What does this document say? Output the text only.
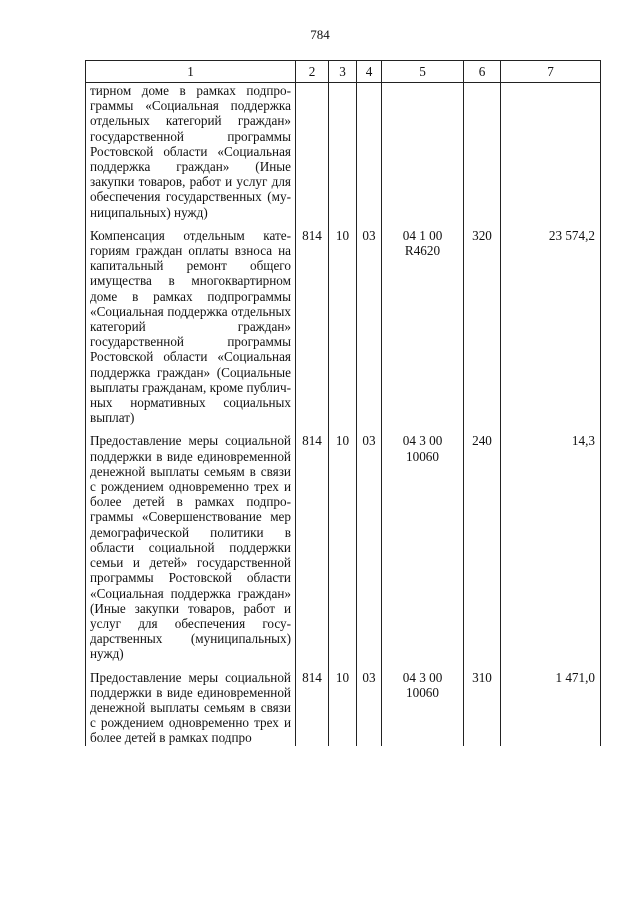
784
1	2	3	4	5	6	7
тирном доме в рамках подпрограммы «Социальная поддержка отдельных категорий граждан» государственной программы Ростовской области «Социальная поддержка граждан» (Иные закупки товаров, работ и услуг для обеспечения государственных (муниципальных) нужд)						
Компенсация отдельным категориям граждан оплаты взноса на капитальный ремонт общего имущества в многоквартирном доме в рамках подпрограммы «Социальная поддержка отдельных категорий граждан» государственной программы Ростовской области «Социальная поддержка граждан» (Социальные выплаты гражданам, кроме публичных нормативных социальных выплат)	814	10	03	04 1 00 R4620	320	23 574,2
Предоставление меры социальной поддержки в виде единовременной денежной выплаты семьям в связи с рождением одновременно трех и более детей в рамках подпрограммы «Совершенствование мер демографической политики в области социальной поддержки семьи и детей» государственной программы Ростовской области «Социальная поддержка граждан» (Иные закупки товаров, работ и услуг для обеспечения государственных (муниципальных) нужд)	814	10	03	04 3 00 10060	240	14,3
Предоставление меры социальной поддержки в виде единовременной денежной выплаты семьям в связи с рождением одновременно трех и более детей в рамках подпро	814	10	03	04 3 00 10060	310	1 471,0
